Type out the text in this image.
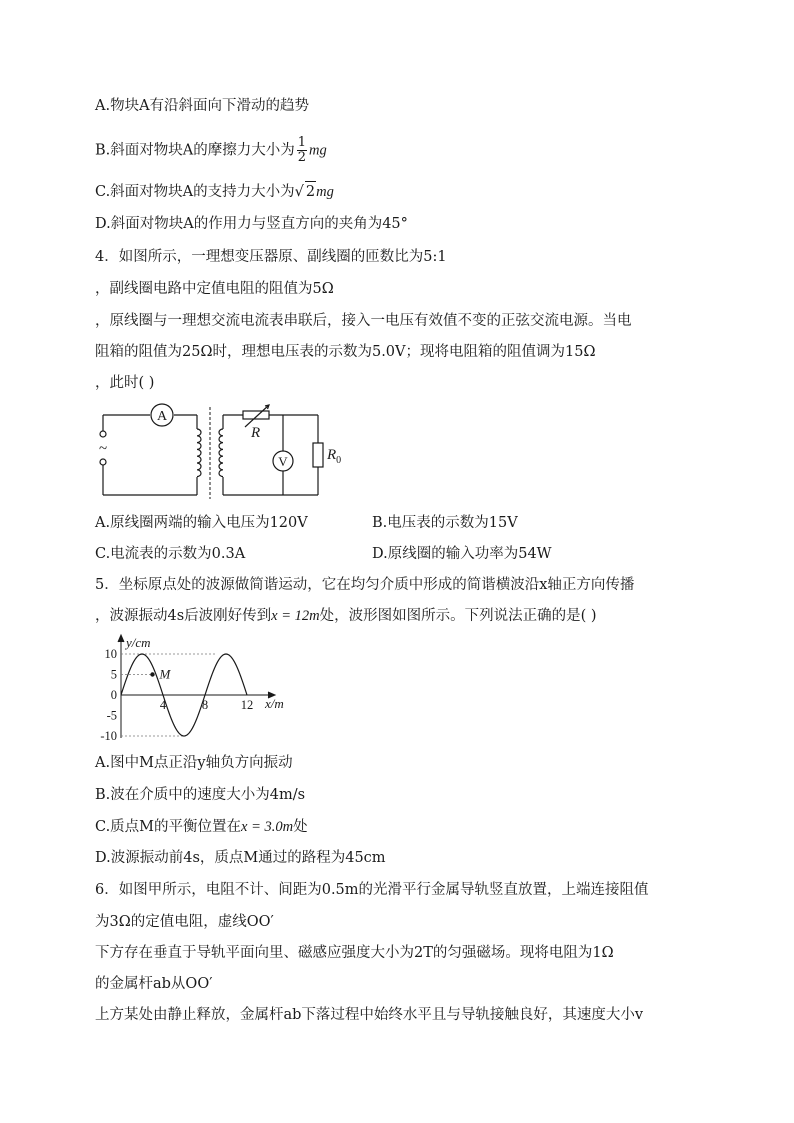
A.物块A有沿斜面向下滑动的趋势
B.斜面对物块A的摩擦力大小为 $\frac{1}{2}$ mg
C.斜面对物块A的支持力大小为√ 2mg
D.斜面对物块A的作用力与竖直方向的夹角为45°
4．如图所示，一理想变压器原、副线圈的匝数比为5:1
，副线圈电路中定值电阻的阻值为5Ω
，原线圈与一理想交流电流表串联后，接入一电压有效值不变的正弦交流电源。当电
阻箱的阻值为25Ω时，理想电压表的示数为5.0V；现将电阻箱的阻值调为15Ω
，此时( )
A
V
~
R
$R_0$
A.原线圈两端的输入电压为120V	B.电压表的示数为15V
C.电流表的示数为0.3A	D.原线圈的输入功率为54W
5．坐标原点处的波源做简谐运动，它在均匀介质中形成的简谐横波沿x轴正方向传播
，波源振动4s后波刚好传到x = 12m处，波形图如图所示。下列说法正确的是( )
y/cm
x/m
M
10
5
0
-5
-10
4	8	12
A.图中M点正沿y轴负方向振动
B.波在介质中的速度大小为4m/s
C.质点M的平衡位置在x = 3.0m处
D.波源振动前4s，质点M通过的路程为45cm
6．如图甲所示，电阻不计、间距为0.5m的光滑平行金属导轨竖直放置，上端连接阻值
为3Ω的定值电阻，虚线OO′
下方存在垂直于导轨平面向里、磁感应强度大小为2T的匀强磁场。现将电阻为1Ω
的金属杆ab从OO′
上方某处由静止释放，金属杆ab下落过程中始终水平且与导轨接触良好，其速度大小v
